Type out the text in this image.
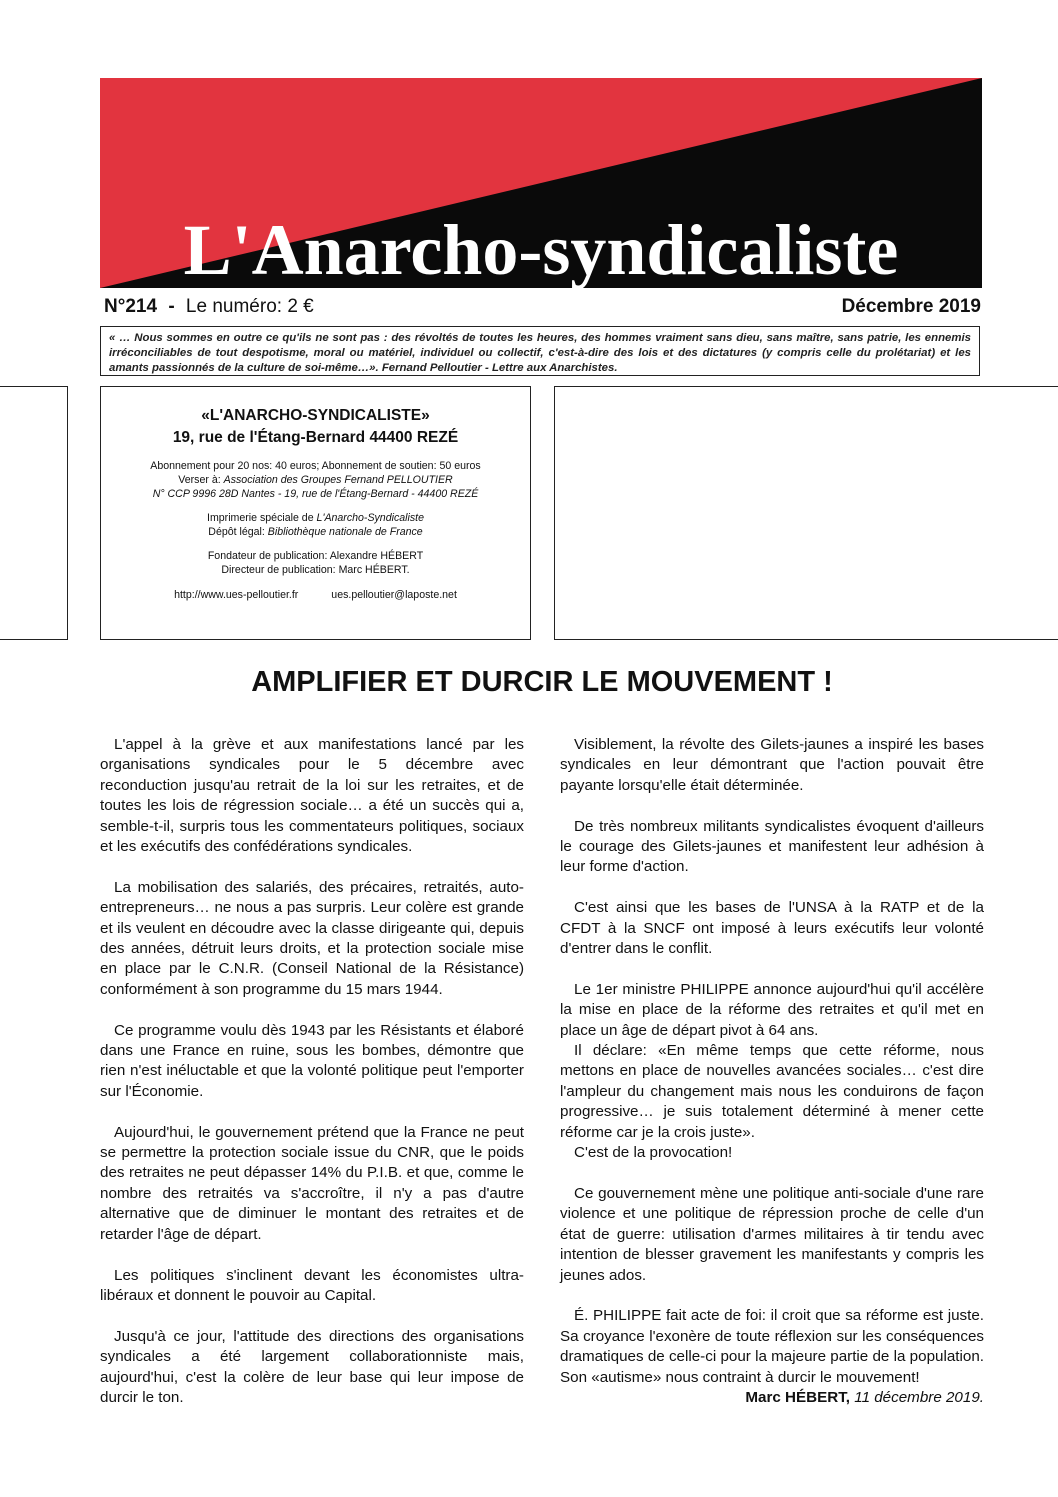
L'Anarcho-syndicaliste
N°214 - Le numéro: 2 €	Décembre 2019
« … Nous sommes en outre ce qu'ils ne sont pas : des révoltés de toutes les heures, des hommes vraiment sans dieu, sans maître, sans patrie, les ennemis irréconciliables de tout despotisme, moral ou matériel, individuel ou collectif, c'est-à-dire des lois et des dictatures (y compris celle du prolétariat) et les amants passionnés de la culture de soi-même…». Fernand Pelloutier - Lettre aux Anarchistes.
«L'ANARCHO-SYNDICALISTE»
19, rue de l'Étang-Bernard 44400 REZÉ
Abonnement pour 20 nos: 40 euros; Abonnement de soutien: 50 euros
Verser à: Association des Groupes Fernand PELLOUTIER
N° CCP 9996 28D Nantes - 19, rue de l'Étang-Bernard - 44400 REZÉ
Imprimerie spéciale de L'Anarcho-Syndicaliste
Dépôt légal: Bibliothèque nationale de France
Fondateur de publication: Alexandre HÉBERT
Directeur de publication: Marc HÉBERT.
http://www.ues-pelloutier.fr	ues.pelloutier@laposte.net
AMPLIFIER ET DURCIR LE MOUVEMENT !

L'appel à la grève et aux manifestations lancé par les organisations syndicales pour le 5 décembre avec reconduction jusqu'au retrait de la loi sur les retraites, et de toutes les lois de régression sociale… a été un succès qui a, semble-t-il, surpris tous les commentateurs politiques, sociaux et les exécutifs des confédérations syndicales.

La mobilisation des salariés, des précaires, retraités, auto-entrepreneurs… ne nous a pas surpris. Leur colère est grande et ils veulent en découdre avec la classe dirigeante qui, depuis des années, détruit leurs droits, et la protection sociale mise en place par le C.N.R. (Conseil National de la Résistance) conformément à son programme du 15 mars 1944.

Ce programme voulu dès 1943 par les Résistants et élaboré dans une France en ruine, sous les bombes, démontre que rien n'est inéluctable et que la volonté politique peut l'emporter sur l'Économie.

Aujourd'hui, le gouvernement prétend que la France ne peut se permettre la protection sociale issue du CNR, que le poids des retraites ne peut dépasser 14% du P.I.B. et que, comme le nombre des retraités va s'accroître, il n'y a pas d'autre alternative que de diminuer le montant des retraites et de retarder l'âge de départ.

Les politiques s'inclinent devant les économistes ultra-libéraux et donnent le pouvoir au Capital.

Jusqu'à ce jour, l'attitude des directions des organisations syndicales a été largement collaborationniste mais, aujourd'hui, c'est la colère de leur base qui leur impose de durcir le ton.

Visiblement, la révolte des Gilets-jaunes a inspiré les bases syndicales en leur démontrant que l'action pouvait être payante lorsqu'elle était déterminée.

De très nombreux militants syndicalistes évoquent d'ailleurs le courage des Gilets-jaunes et manifestent leur adhésion à leur forme d'action.

C'est ainsi que les bases de l'UNSA à la RATP et de la CFDT à la SNCF ont imposé à leurs exécutifs leur volonté d'entrer dans le conflit.

Le 1er ministre PHILIPPE annonce aujourd'hui qu'il accélère la mise en place de la réforme des retraites et qu'il met en place un âge de départ pivot à 64 ans.

Il déclare: «En même temps que cette réforme, nous mettons en place de nouvelles avancées sociales… c'est dire l'ampleur du changement mais nous les conduirons de façon progressive… je suis totalement déterminé à mener cette réforme car je la crois juste».

C'est de la provocation!

Ce gouvernement mène une politique anti-sociale d'une rare violence et une politique de répression proche de celle d'un état de guerre: utilisation d'armes militaires à tir tendu avec intention de blesser gravement les manifestants y compris les jeunes ados.

É. PHILIPPE fait acte de foi: il croit que sa réforme est juste. Sa croyance l'exonère de toute réflexion sur les conséquences dramatiques de celle-ci pour la majeure partie de la population. Son «autisme» nous contraint à durcir le mouvement!

Marc HÉBERT, 11 décembre 2019.
